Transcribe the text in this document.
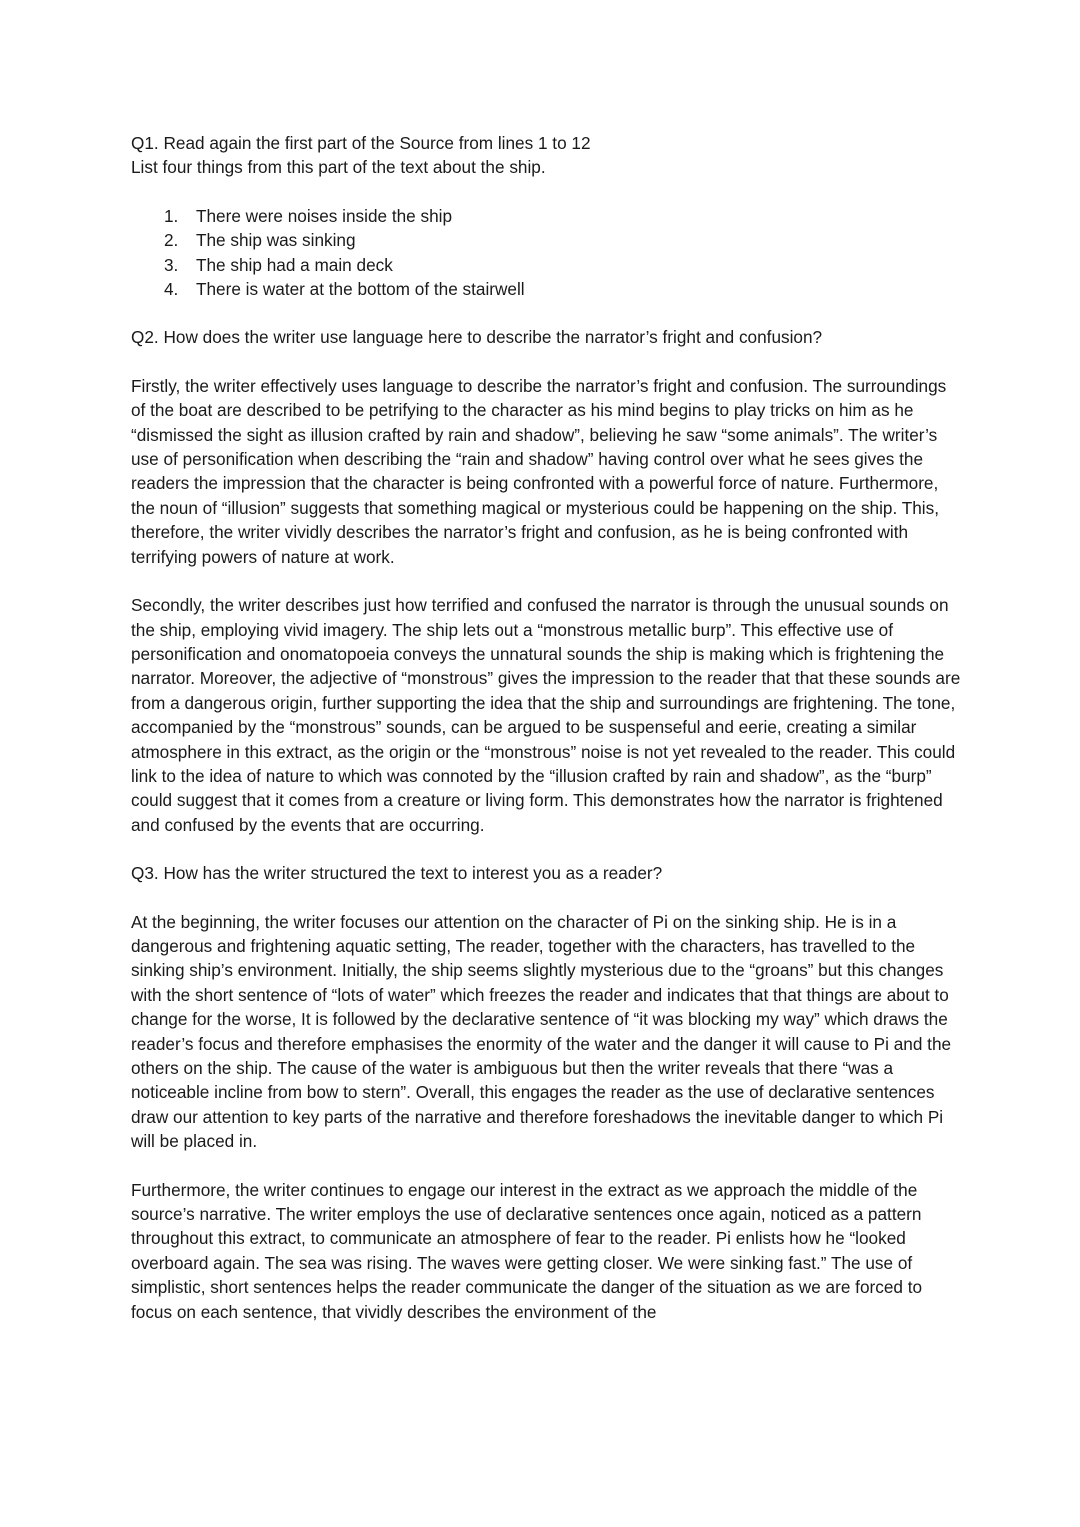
Q1. Read again the first part of the Source from lines 1 to 12

List four things from this part of the text about the ship.

1.	There were noises inside the ship
2.	The ship was sinking
3.	The ship had a main deck
4.	There is water at the bottom of the stairwell

Q2. How does the writer use language here to describe the narrator’s fright and confusion?

Firstly, the writer effectively uses language to describe the narrator’s fright and confusion. The surroundings of the boat are described to be petrifying to the character as his mind begins to play tricks on him as he “dismissed the sight as illusion crafted by rain and shadow”, believing he saw “some animals”. The writer’s use of personification when describing the “rain and shadow” having control over what he sees gives the readers the impression that the character is being confronted with a powerful force of nature. Furthermore, the noun of “illusion” suggests that something magical or mysterious could be happening on the ship. This, therefore, the writer vividly describes the narrator’s fright and confusion, as he is being confronted with terrifying powers of nature at work.

Secondly, the writer describes just how terrified and confused the narrator is through the unusual sounds on the ship, employing vivid imagery. The ship lets out a “monstrous metallic burp”. This effective use of personification and onomatopoeia conveys the unnatural sounds the ship is making which is frightening the narrator. Moreover, the adjective of “monstrous” gives the impression to the reader that that these sounds are from a dangerous origin, further supporting the idea that the ship and surroundings are frightening. The tone, accompanied by the “monstrous” sounds, can be argued to be suspenseful and eerie, creating a similar atmosphere in this extract, as the origin or the “monstrous” noise is not yet revealed to the reader. This could link to the idea of nature to which was connoted by the “illusion crafted by rain and shadow”, as the “burp” could suggest that it comes from a creature or living form. This demonstrates how the narrator is frightened and confused by the events that are occurring.

Q3. How has the writer structured the text to interest you as a reader?

At the beginning, the writer focuses our attention on the character of Pi on the sinking ship. He is in a dangerous and frightening aquatic setting, The reader, together with the characters, has travelled to the sinking ship’s environment. Initially, the ship seems slightly mysterious due to the “groans” but this changes with the short sentence of “lots of water” which freezes the reader and indicates that that things are about to change for the worse, It is followed by the declarative sentence of “it was blocking my way” which draws the reader’s focus and therefore emphasises the enormity of the water and the danger it will cause to Pi and the others on the ship. The cause of the water is ambiguous but then the writer reveals that there “was a noticeable incline from bow to stern”. Overall, this engages the reader as the use of declarative sentences draw our attention to key parts of the narrative and therefore foreshadows the inevitable danger to which Pi will be placed in.

Furthermore, the writer continues to engage our interest in the extract as we approach the middle of the source’s narrative. The writer employs the use of declarative sentences once again, noticed as a pattern throughout this extract, to communicate an atmosphere of fear to the reader. Pi enlists how he “looked overboard again. The sea was rising. The waves were getting closer. We were sinking fast.” The use of simplistic, short sentences helps the reader communicate the danger of the situation as we are forced to focus on each sentence, that vividly describes the environment of the
